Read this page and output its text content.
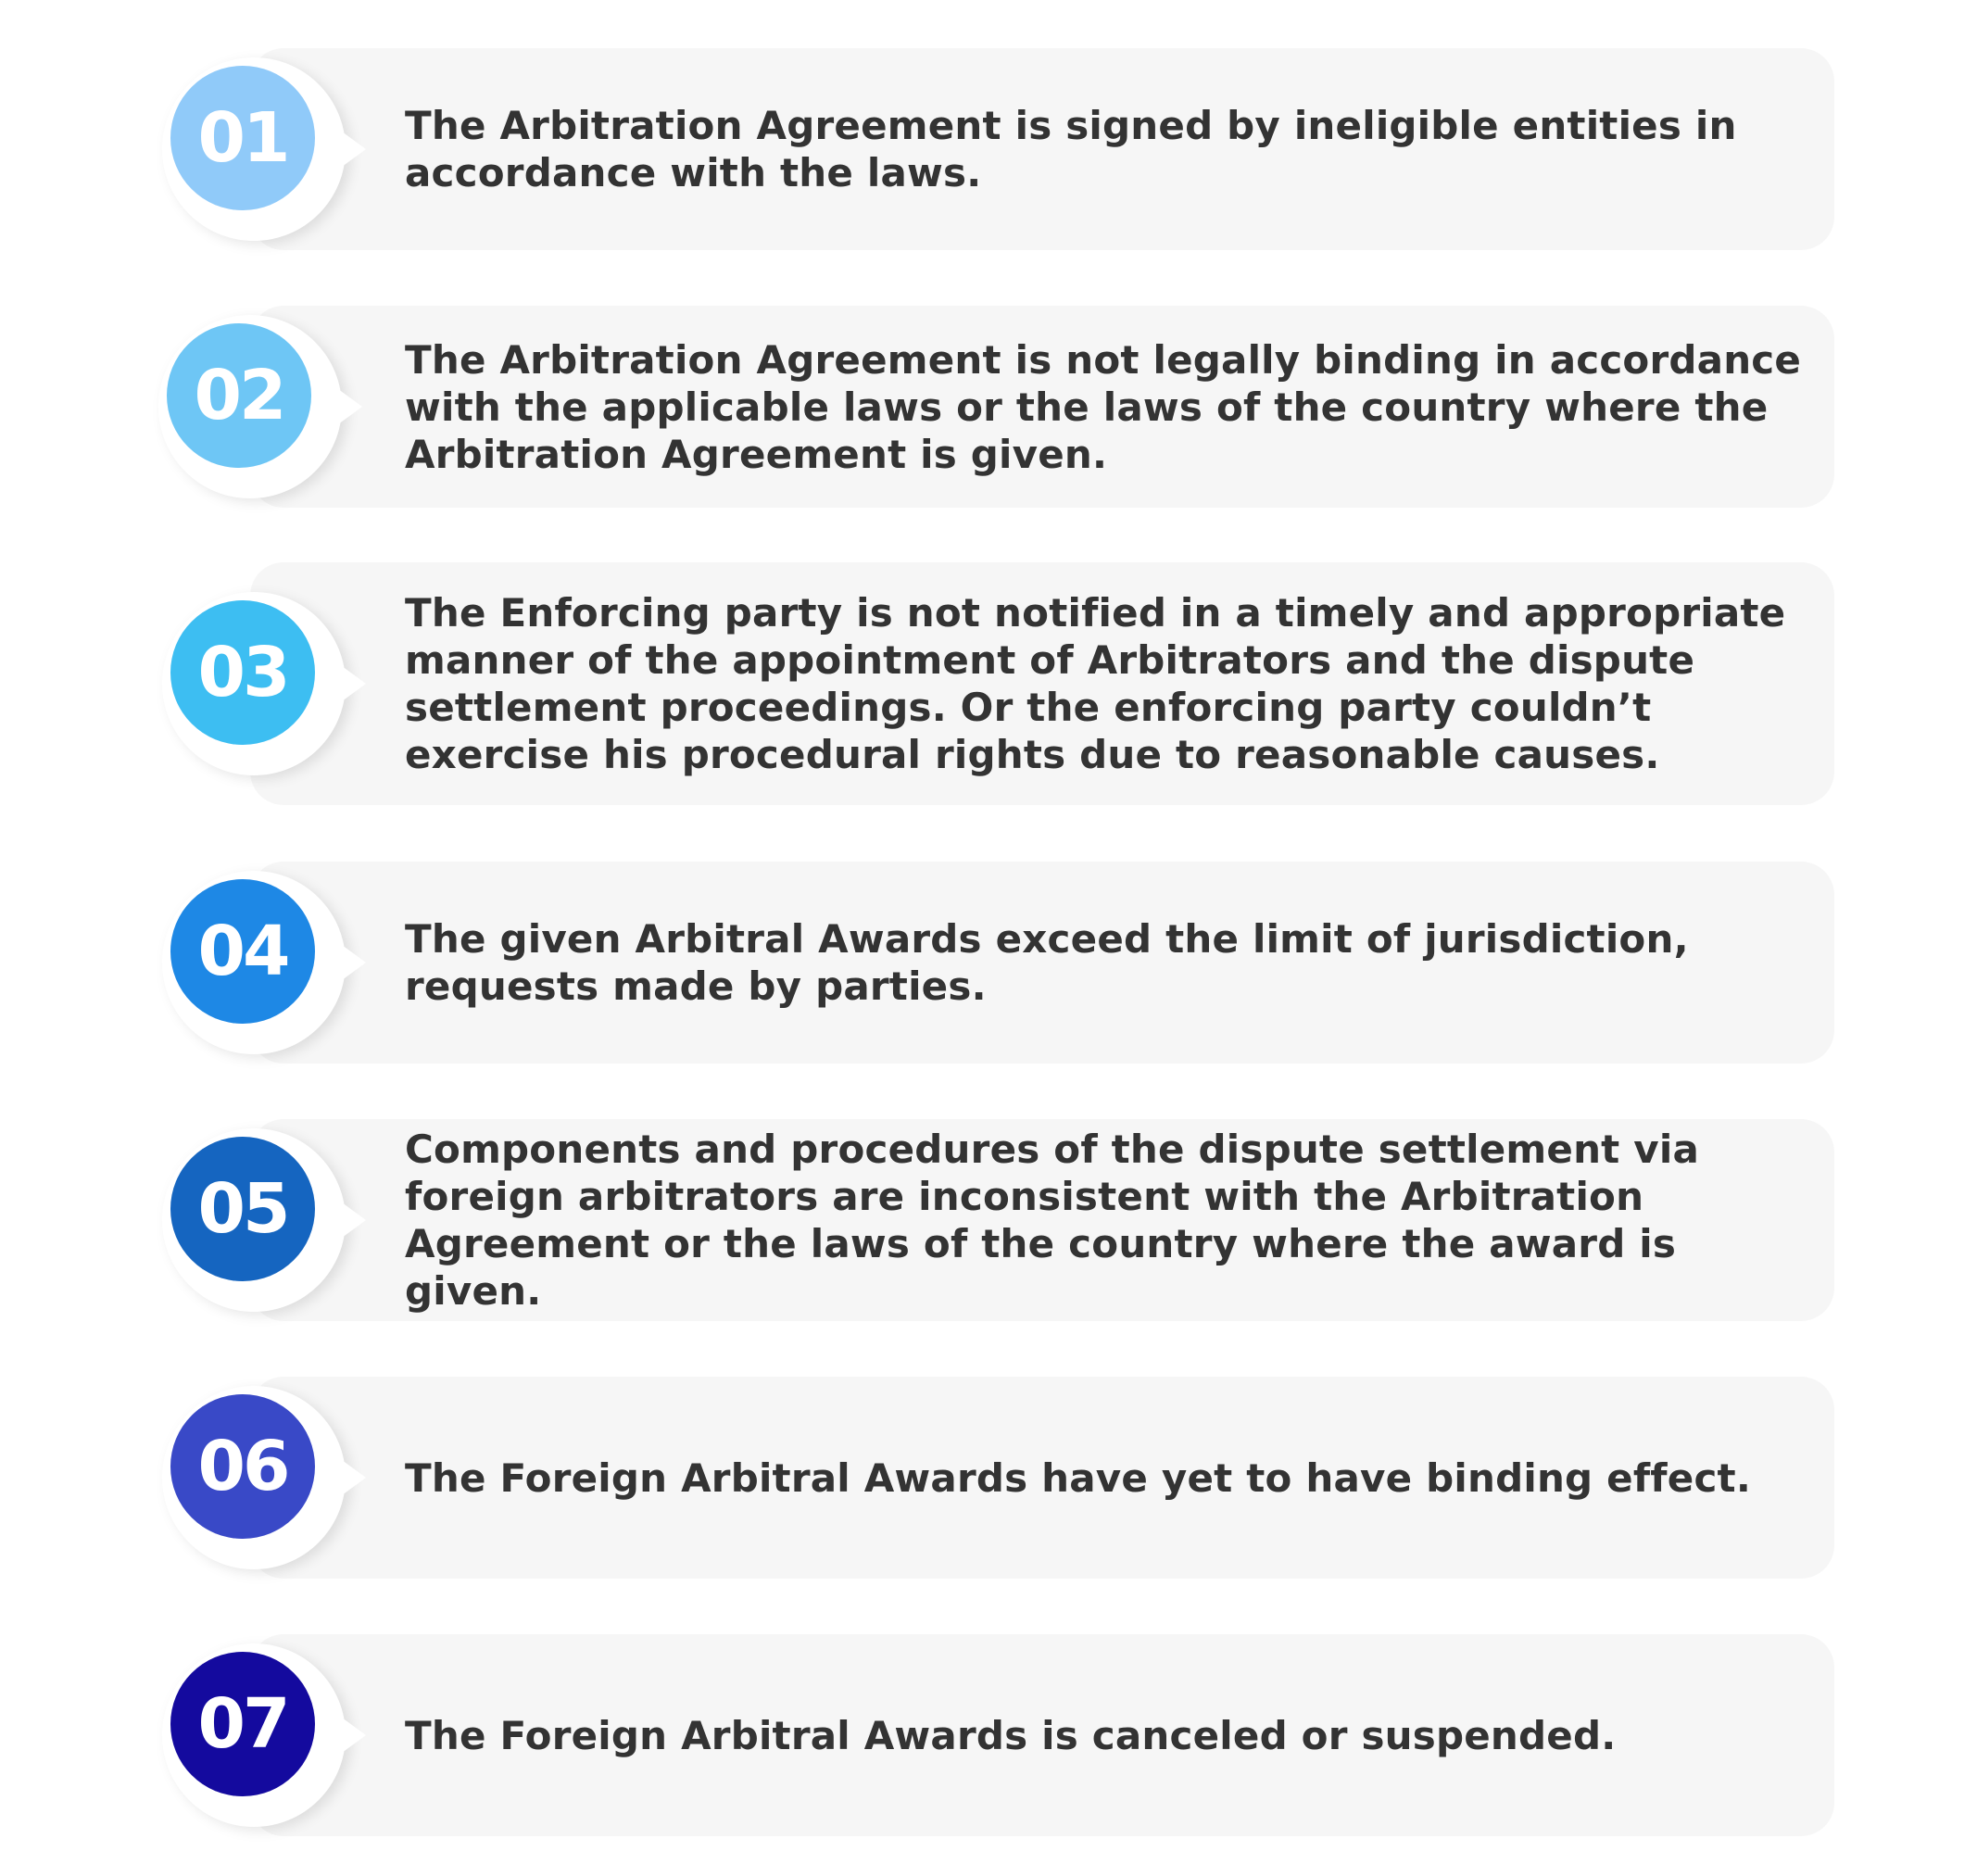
01	The Arbitration Agreement is signed by ineligible entities in accordance with the laws.
02	The Arbitration Agreement is not legally binding in accordance with the applicable laws or the laws of the country where the Arbitration Agreement is given.
03
The Enforcing party is not notified in a timely and appropriate manner of the appointment of Arbitrators and the dispute settlement proceedings. Or the enforcing party couldn’t exercise his procedural rights due to reasonable causes.
04	The given Arbitral Awards exceed the limit of jurisdiction, requests made by parties.
05
Components and procedures of the dispute settlement via foreign arbitrators are inconsistent with the Arbitration Agreement or the laws of the country where the award is given.
06	The Foreign Arbitral Awards have yet to have binding effect.
07	The Foreign Arbitral Awards is canceled or suspended.
